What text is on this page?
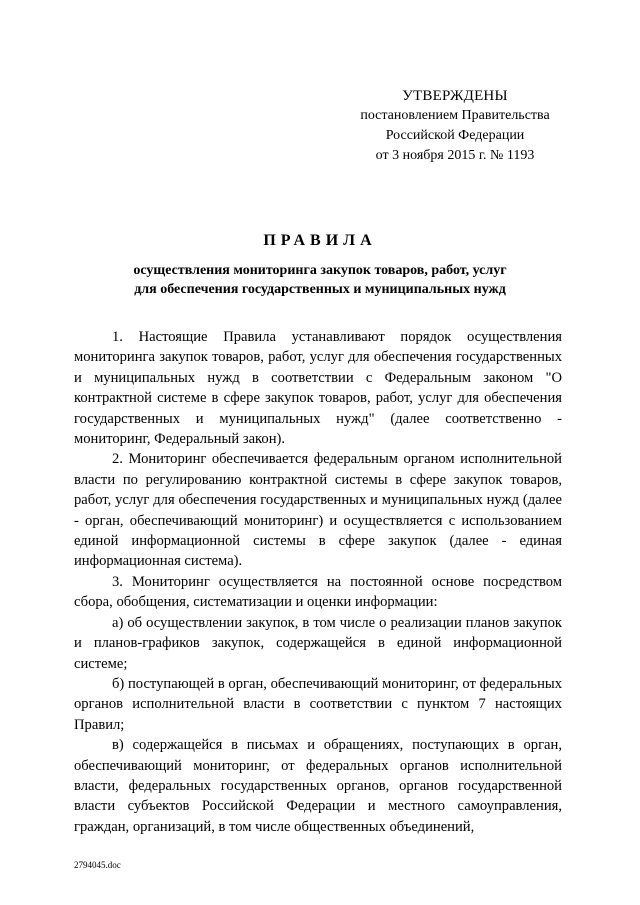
УТВЕРЖДЕНЫ
постановлением Правительства
Российской Федерации
от 3 ноября 2015 г. № 1193
ПРАВИЛА
осуществления мониторинга закупок товаров, работ, услуг
для обеспечения государственных и муниципальных нужд

1. Настоящие Правила устанавливают порядок осуществления мониторинга закупок товаров, работ, услуг для обеспечения государственных и муниципальных нужд в соответствии с Федеральным законом "О контрактной системе в сфере закупок товаров, работ, услуг для обеспечения государственных и муниципальных нужд" (далее соответственно - мониторинг, Федеральный закон).

2. Мониторинг обеспечивается федеральным органом исполнительной власти по регулированию контрактной системы в сфере закупок товаров, работ, услуг для обеспечения государственных и муниципальных нужд (далее - орган, обеспечивающий мониторинг) и осуществляется с использованием единой информационной системы в сфере закупок (далее - единая информационная система).

3. Мониторинг осуществляется на постоянной основе посредством сбора, обобщения, систематизации и оценки информации:

а) об осуществлении закупок, в том числе о реализации планов закупок и планов-графиков закупок, содержащейся в единой информационной системе;

б) поступающей в орган, обеспечивающий мониторинг, от федеральных органов исполнительной власти в соответствии с пунктом 7 настоящих Правил;

в) содержащейся в письмах и обращениях, поступающих в орган, обеспечивающий мониторинг, от федеральных органов исполнительной власти, федеральных государственных органов, органов государственной власти субъектов Российской Федерации и местного самоуправления, граждан, организаций, в том числе общественных объединений,

2794045.doc
